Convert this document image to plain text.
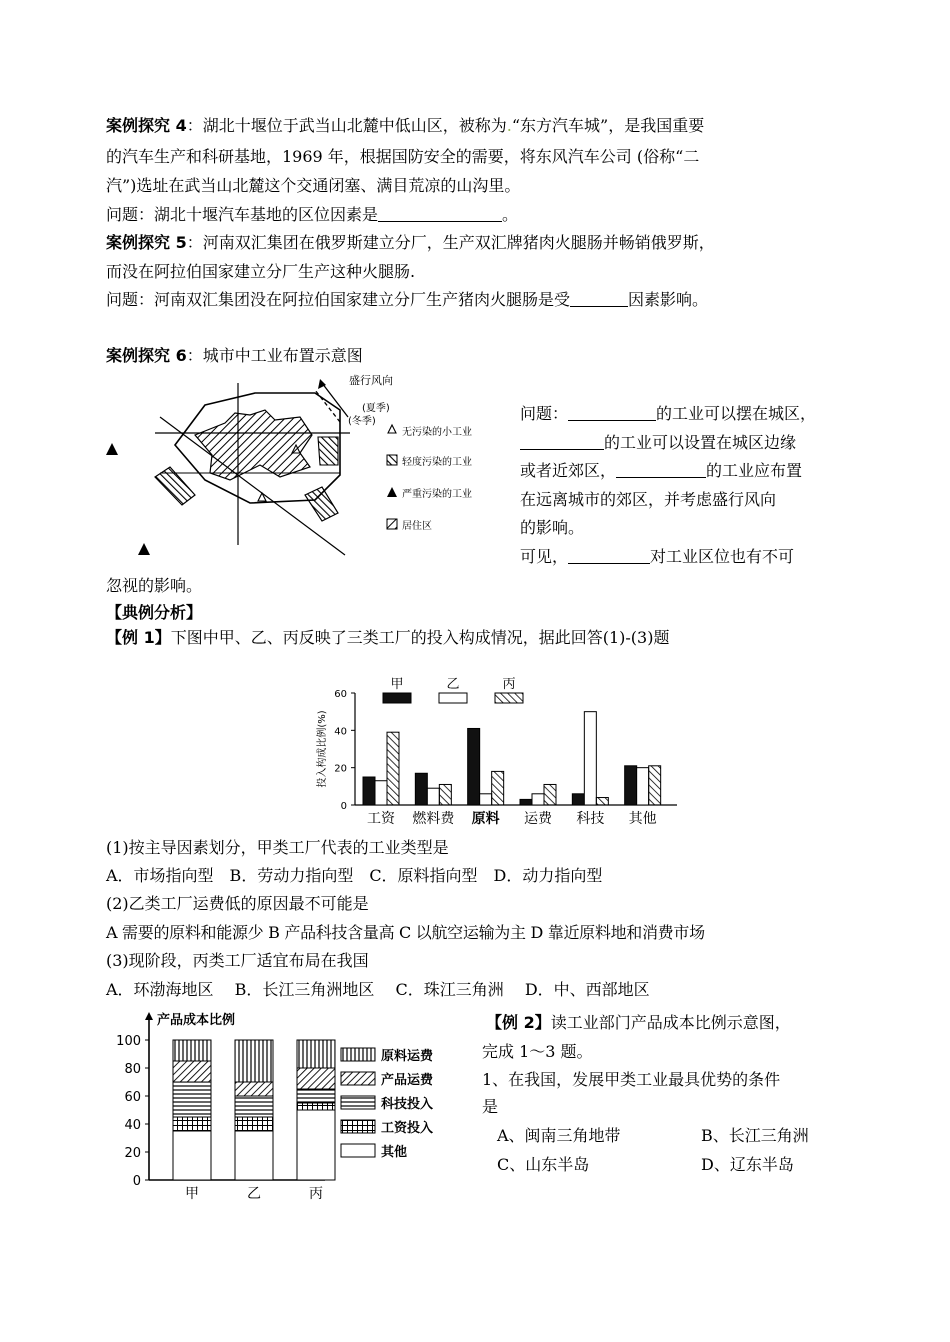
案例探究 4：湖北十堰位于武当山北麓中低山区，被称为.“东方汽车城”，是我国重要
的汽车生产和科研基地，1969 年，根据国防安全的需要，将东风汽车公司 (俗称“二
汽”)选址在武当山北麓这个交通闭塞、满目荒凉的山沟里。
问题：湖北十堰汽车基地的区位因素是	。
案例探究 5：河南双汇集团在俄罗斯建立分厂，生产双汇牌猪肉火腿肠并畅销俄罗斯，
而没在阿拉伯国家建立分厂生产这种火腿肠.
问题：河南双汇集团没在阿拉伯国家建立分厂生产猪肉火腿肠是受	因素影响。
案例探究 6：城市中工业布置示意图
盛行风向
(夏季)
(冬季)
无污染的小工业
轻度污染的工业
严重污染的工业
居住区
问题：	的工业可以摆在城区，
的工业可以设置在城区边缘
或者近郊区，	的工业应布置
在远离城市的郊区，并考虑盛行风向
的影响。
可见，	对工业区位也有不可
忽视的影响。
【典例分析】
【例 1】下图中甲、乙、丙反映了三类工厂的投入构成情况，据此回答(1)-(3)题
0
20
40
60
投入构成比例(%)
工资 燃料费 原料 运费 科技 其他
甲	乙	丙
(1)按主导因素划分，甲类工厂代表的工业类型是
A．市场指向型　B．劳动力指向型　C．原料指向型　D．动力指向型
(2)乙类工厂运费低的原因最不可能是
A 需要的原料和能源少 B 产品科技含量高 C 以航空运输为主 D 靠近原料地和消费市场
(3)现阶段，丙类工厂适宜布局在我国
A．环渤海地区　 B．长江三角洲地区　 C．珠江三角洲　 D．中、西部地区
产品成本比例
0
20
40
60
80
100
甲	乙	丙
原料运费
产品运费
科技投入
工资投入
其他
【例 2】读工业部门产品成本比例示意图，
完成 1～3 题。
1、在我国，发展甲类工业最具优势的条件
是
A、闽南三角地带	B、长江三角洲
C、山东半岛	D、辽东半岛
